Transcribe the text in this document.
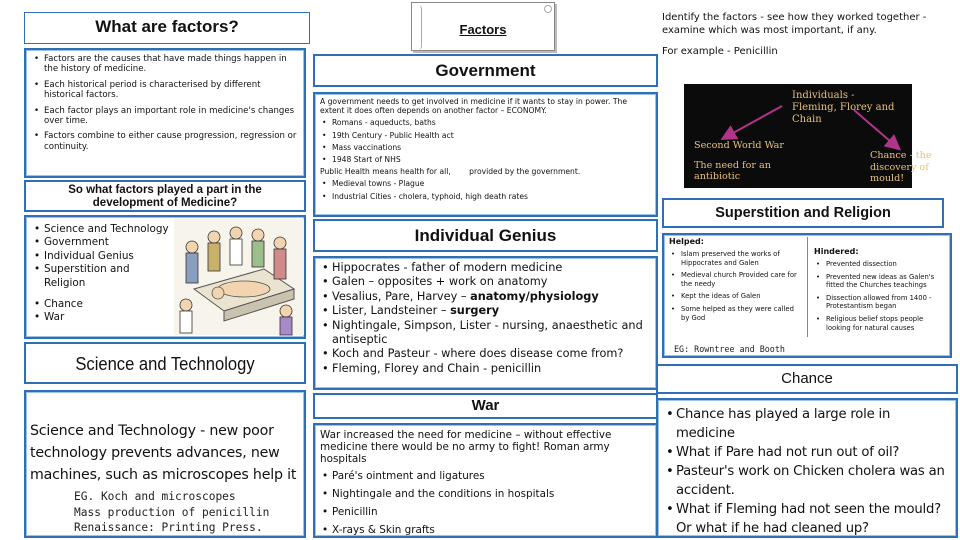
What are factors?
• Factors are the causes that have made things happen in the history of medicine.
• Each historical period is characterised by different historical factors.
• Each factor plays an important role in medicine's changes over time.
• Factors combine to either cause progression, regression or continuity.
So what factors played a part in the development of Medicine?
• Science and Technology
• Government
• Individual Genius
• Superstition and Religion
• Chance
• War
Science and Technology
Science and Technology - new poor technology prevents advances, new machines, such as microscopes help it
EG. Koch and microscopes
Mass production of penicillin
Renaissance: Printing Press.
Factors
Government
A government needs to get involved in medicine if it wants to stay in power. The extent it does often depends on another factor – ECONOMY.
• Romans - aqueducts, baths
• 19th Century - Public Health act
• Mass vaccinations
• 1948 Start of NHS
Public Health means health for all, provided by the government.
• Medieval towns - Plague
• Industrial Cities - cholera, typhoid, high death rates
Individual Genius
• Hippocrates - father of modern medicine
• Galen – opposites + work on anatomy
• Vesalius, Pare, Harvey – anatomy/physiology
• Lister, Landsteiner – surgery
• Nightingale, Simpson, Lister - nursing, anaesthetic and antiseptic
• Koch and Pasteur - where does disease come from?
• Fleming, Florey and Chain - penicillin
War
War increased the need for medicine – without effective medicine there would be no army to fight! Roman army hospitals
• Paré's ointment and ligatures
• Nightingale and the conditions in hospitals
• Penicillin
• X-rays & Skin grafts
Identify the factors - see how they worked together - examine which was most important, if any.
For example - Penicillin
Individuals - Fleming, Florey and Chain
Second World War
The need for an antibiotic
Chance - the discovery of mould!
Superstition and Religion
Helped:
• Islam preserved the works of Hippocrates and Galen
• Medieval church Provided care for the needy
• Kept the ideas of Galen
• Some helped as they were called by God
Hindered:
• Prevented dissection
• Prevented new ideas as Galen's fitted the Churches teachings
• Dissection allowed from 1400 - Protestantism began
• Religious belief stops people looking for natural causes
EG: Rowntree and Booth
Chance
• Chance has played a large role in medicine
• What if Pare had not run out of oil?
• Pasteur's work on Chicken cholera was an accident.
• What if Fleming had not seen the mould? Or what if he had cleaned up?
